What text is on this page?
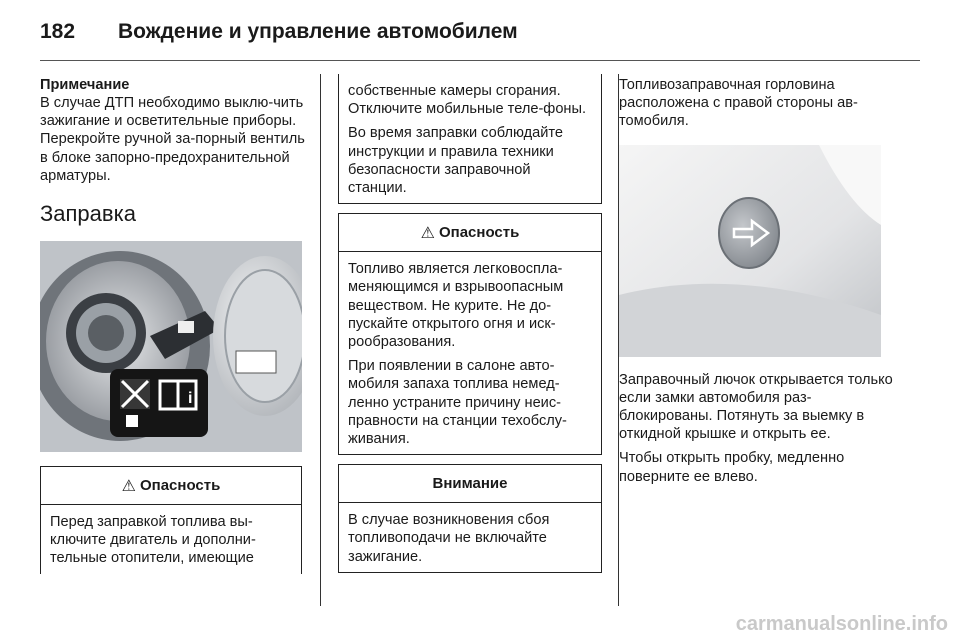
182	Вождение и управление автомобилем
Примечание
В случае ДТП необходимо выклю-чить зажигание и осветительные приборы. Перекройте ручной за-порный вентиль в блоке запорно-предохранительной арматуры.
Заправка
i
⚠ Опасность
Перед заправкой топлива вы-ключите двигатель и дополни-тельные отопители, имеющие
собственные камеры сгорания. Отключите мобильные теле-фоны.
Во время заправки соблюдайте инструкции и правила техники безопасности заправочной станции.
⚠ Опасность
Топливо является легковоспла-меняющимся и взрывоопасным веществом. Не курите. Не до-пускайте открытого огня и иск-рообразования.
При появлении в салоне авто-мобиля запаха топлива немед-ленно устраните причину неис-правности на станции техобслу-живания.
Внимание
В случае возникновения сбоя топливоподачи не включайте зажигание.
Топливозаправочная горловина расположена с правой стороны ав-томобиля.
Заправочный лючок открывается только если замки автомобиля раз-блокированы. Потянуть за выемку в откидной крышке и открыть ее.
Чтобы открыть пробку, медленно поверните ее влево.
carmanualsonline.info
